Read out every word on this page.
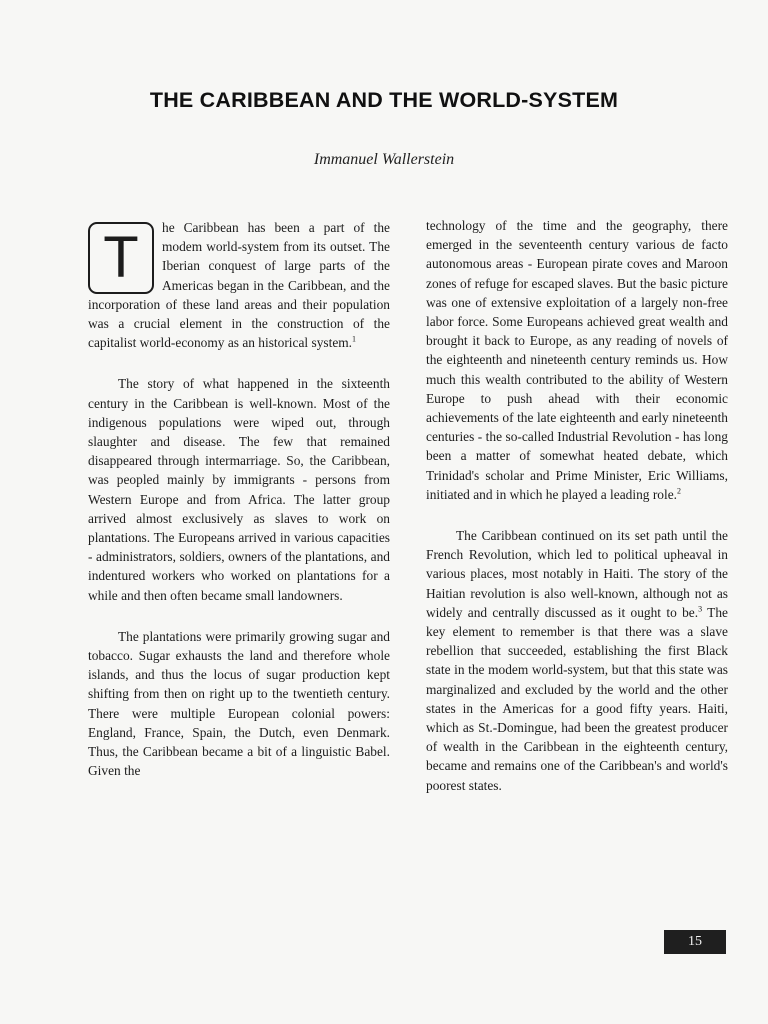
THE CARIBBEAN AND THE WORLD-SYSTEM
Immanuel Wallerstein
T	he Caribbean has been a part of the modem world-system from its outset. The Iberian conquest of large parts of the Americas began in the Caribbean, and the incorporation of these land areas and their population was a crucial element in the construction of the capitalist world-economy as an historical system.$^1$

The story of what happened in the sixteenth century in the Caribbean is well-known. Most of the indigenous populations were wiped out, through slaughter and disease. The few that remained disappeared through intermarriage. So, the Caribbean, was peopled mainly by immigrants - persons from Western Europe and from Africa. The latter group arrived almost exclusively as slaves to work on plantations. The Europeans arrived in various capacities - administrators, soldiers, owners of the plantations, and indentured workers who worked on plantations for a while and then often became small landowners.

The plantations were primarily growing sugar and tobacco. Sugar exhausts the land and therefore whole islands, and thus the locus of sugar production kept shifting from then on right up to the twentieth century. There were multiple European colonial powers: England, France, Spain, the Dutch, even Denmark. Thus, the Caribbean became a bit of a linguistic Babel. Given the

technology of the time and the geography, there emerged in the seventeenth century various de facto autonomous areas - European pirate coves and Maroon zones of refuge for escaped slaves. But the basic picture was one of extensive exploitation of a largely non-free labor force. Some Europeans achieved great wealth and brought it back to Europe, as any reading of novels of the eighteenth and nineteenth century reminds us. How much this wealth contributed to the ability of Western Europe to push ahead with their economic achievements of the late eighteenth and early nineteenth centuries - the so-called Industrial Revolution - has long been a matter of somewhat heated debate, which Trinidad's scholar and Prime Minister, Eric Williams, initiated and in which he played a leading role.$^2$

The Caribbean continued on its set path until the French Revolution, which led to political upheaval in various places, most notably in Haiti. The story of the Haitian revolution is also well-known, although not as widely and centrally discussed as it ought to be.$^3$ The key element to remember is that there was a slave rebellion that succeeded, establishing the first Black state in the modem world-system, but that this state was marginalized and excluded by the world and the other states in the Americas for a good fifty years. Haiti, which as St.-Domingue, had been the greatest producer of wealth in the Caribbean in the eighteenth century, became and remains one of the Caribbean's and world's poorest states.

15
